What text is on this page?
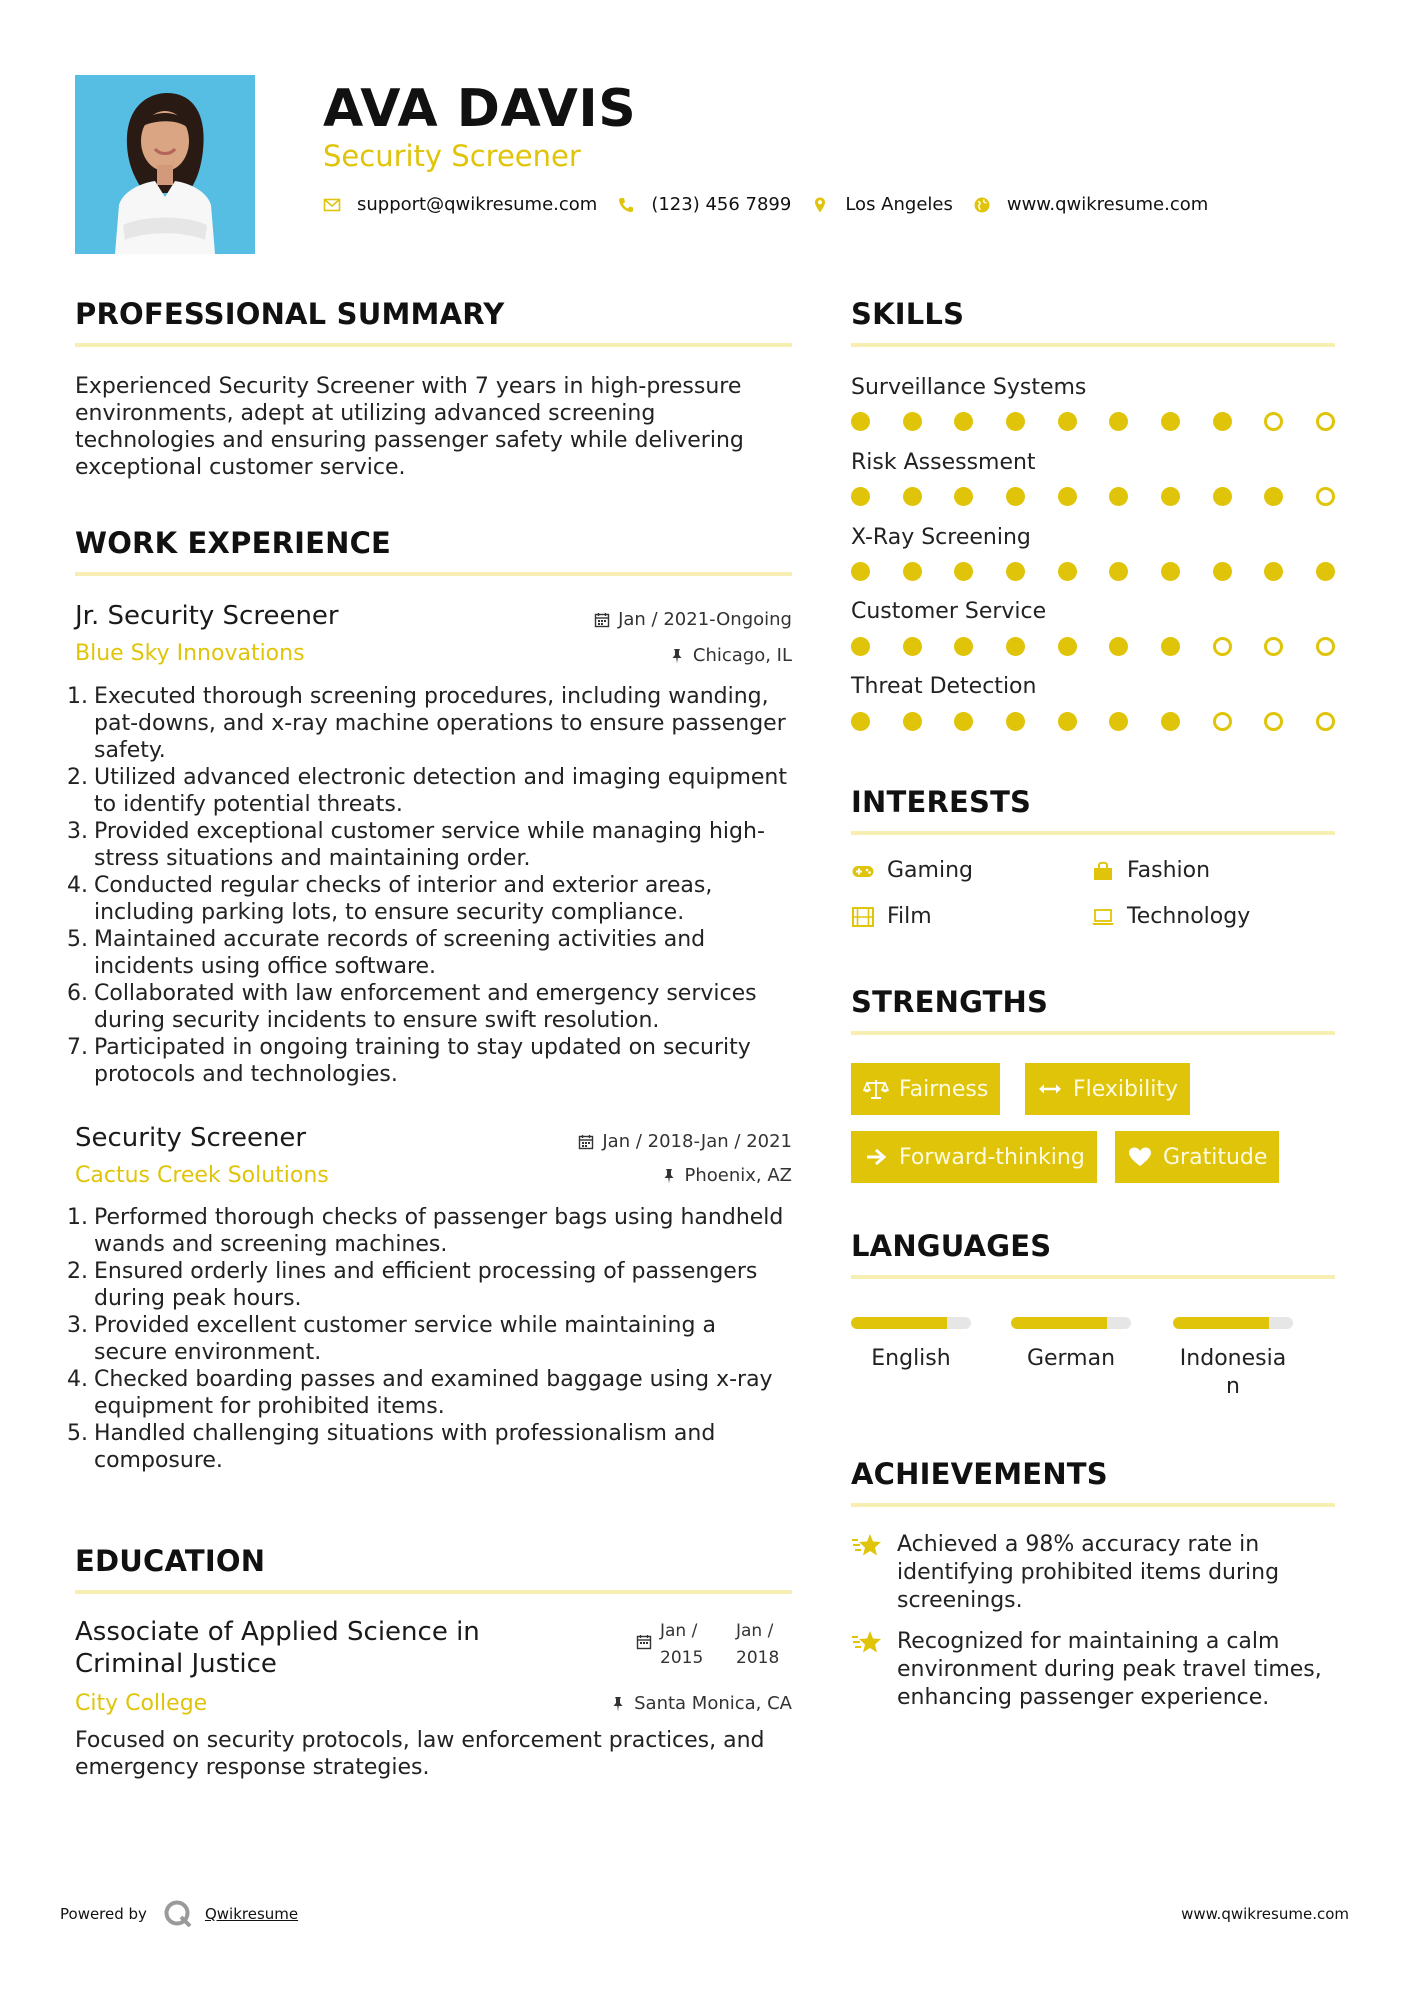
AVA DAVIS
Security Screener
support@qwikresume.com	(123) 456 7899	Los Angeles	www.qwikresume.com
PROFESSIONAL SUMMARY
Experienced Security Screener with 7 years in high-pressure environments, adept at utilizing advanced screening technologies and ensuring passenger safety while delivering exceptional customer service.
WORK EXPERIENCE
Jr. Security Screener	Jan / 2021-Ongoing
Blue Sky Innovations	Chicago, IL
1. Executed thorough screening procedures, including wanding, pat-downs, and x-ray machine operations to ensure passenger safety.
2. Utilized advanced electronic detection and imaging equipment to identify potential threats.
3. Provided exceptional customer service while managing high-stress situations and maintaining order.
4. Conducted regular checks of interior and exterior areas, including parking lots, to ensure security compliance.
5. Maintained accurate records of screening activities and incidents using office software.
6. Collaborated with law enforcement and emergency services during security incidents to ensure swift resolution.
7. Participated in ongoing training to stay updated on security protocols and technologies.
Security Screener	Jan / 2018-Jan / 2021
Cactus Creek Solutions	Phoenix, AZ
1. Performed thorough checks of passenger bags using handheld wands and screening machines.
2. Ensured orderly lines and efficient processing of passengers during peak hours.
3. Provided excellent customer service while maintaining a secure environment.
4. Checked boarding passes and examined baggage using x-ray equipment for prohibited items.
5. Handled challenging situations with professionalism and composure.
EDUCATION
Associate of Applied Science in Criminal Justice
Jan / 2015
Jan / 2018
City College	Santa Monica, CA
Focused on security protocols, law enforcement practices, and emergency response strategies.
SKILLS
Surveillance Systems
Risk Assessment
X-Ray Screening
Customer Service
Threat Detection
INTERESTS
Gaming	Fashion
Film	Technology
STRENGTHS
Fairness	Flexibility
Forward-thinking	Gratitude
LANGUAGES
English	German	Indonesian
ACHIEVEMENTS
Achieved a 98% accuracy rate in identifying prohibited items during screenings.
Recognized for maintaining a calm environment during peak travel times, enhancing passenger experience.
Powered by	Qwikresume	www.qwikresume.com
